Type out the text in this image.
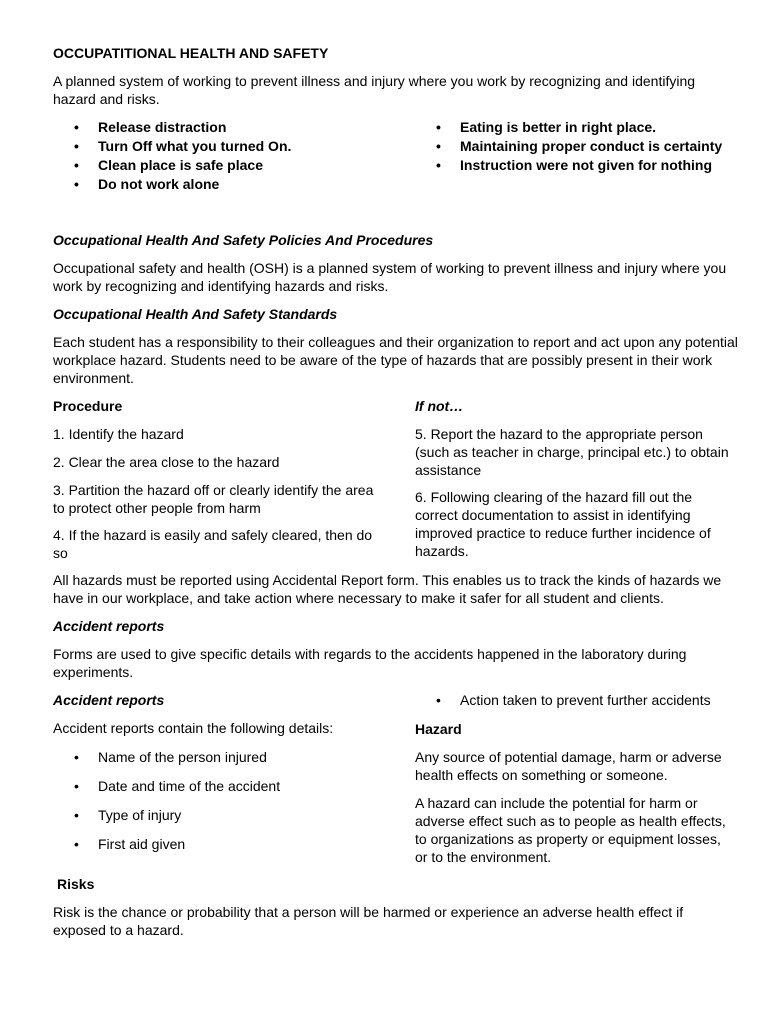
OCCUPATITIONAL HEALTH AND SAFETY

A planned system of working to prevent illness and injury where you work by recognizing and identifying hazard and risks.

• Release distraction
• Turn Off what you turned On.
• Clean place is safe place
• Do not work alone
• Eating is better in right place.
• Maintaining proper conduct is certainty
• Instruction were not given for nothing

Occupational Health And Safety Policies And Procedures

Occupational safety and health (OSH) is a planned system of working to prevent illness and injury where you work by recognizing and identifying hazards and risks.

Occupational Health And Safety Standards

Each student has a responsibility to their colleagues and their organization to report and act upon any potential workplace hazard. Students need to be aware of the type of hazards that are possibly present in their work environment.

Procedure

1. Identify the hazard

2. Clear the area close to the hazard

3. Partition the hazard off or clearly identify the area to protect other people from harm

4. If the hazard is easily and safely cleared, then do so

If not…

5. Report the hazard to the appropriate person (such as teacher in charge, principal etc.) to obtain assistance

6. Following clearing of the hazard fill out the correct documentation to assist in identifying improved practice to reduce further incidence of hazards.

All hazards must be reported using Accidental Report form. This enables us to track the kinds of hazards we have in our workplace, and take action where necessary to make it safer for all student and clients.

Accident reports

Forms are used to give specific details with regards to the accidents happened in the laboratory during experiments.

Accident reports

Accident reports contain the following details:

• Name of the person injured
• Date and time of the accident
• Type of injury
• First aid given
• Action taken to prevent further accidents

Hazard

Any source of potential damage, harm or adverse health effects on something or someone.

A hazard can include the potential for harm or adverse effect such as to people as health effects, to organizations as property or equipment losses, or to the environment.

Risks

Risk is the chance or probability that a person will be harmed or experience an adverse health effect if exposed to a hazard.
